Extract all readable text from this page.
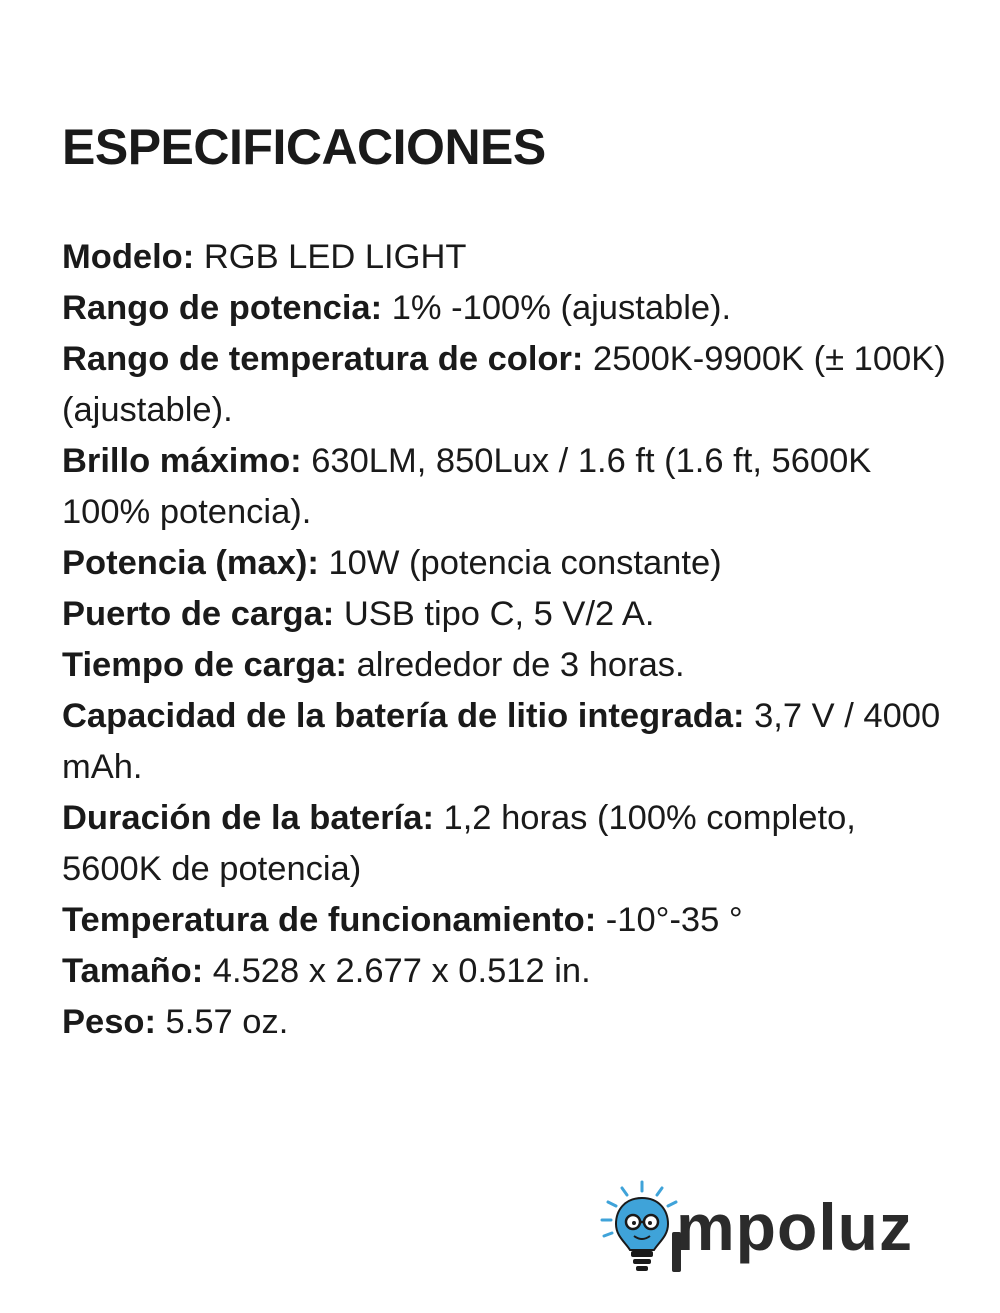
ESPECIFICACIONES
Modelo: RGB LED LIGHT
Rango de potencia: 1% -100% (ajustable).
Rango de temperatura de color: 2500K-9900K (± 100K) (ajustable).
Brillo máximo: 630LM, 850Lux / 1.6 ft (1.6 ft, 5600K 100% potencia).
Potencia (max): 10W (potencia constante)
Puerto de carga: USB tipo C, 5 V/2 A.
Tiempo de carga: alrededor de 3 horas.
Capacidad de la batería de litio integrada: 3,7 V / 4000 mAh.
Duración de la batería: 1,2 horas (100% completo, 5600K de potencia)
Temperatura de funcionamiento: -10°-35 °
Tamaño: 4.528 x 2.677 x 0.512 in.
Peso: 5.57 oz.
mpoluz
